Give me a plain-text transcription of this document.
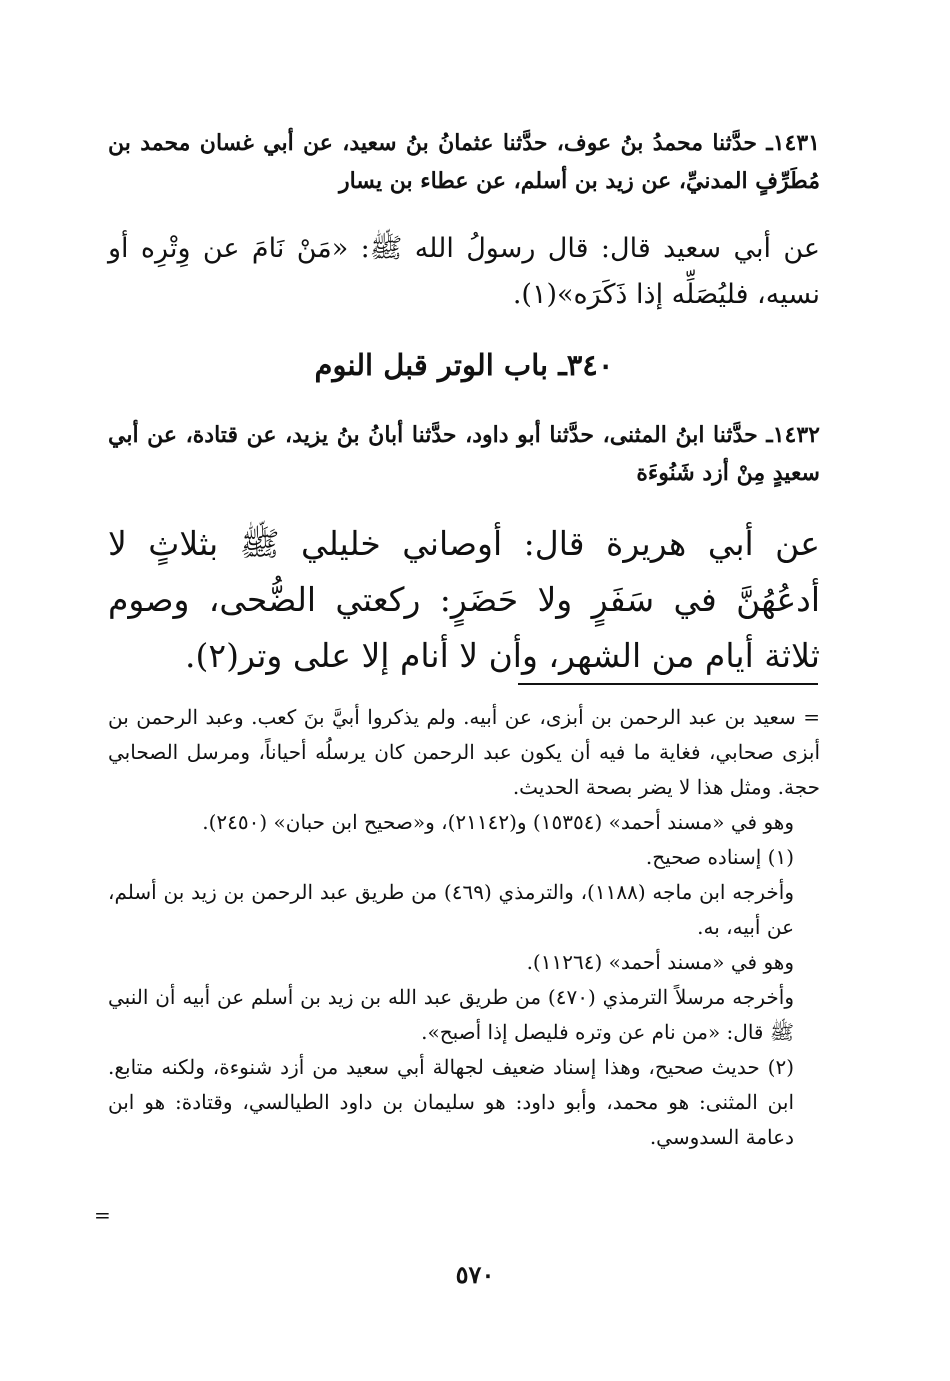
١٤٣١ـ حدَّثنا محمدُ بنُ عوف، حدَّثنا عثمانُ بنُ سعيد، عن أبي غسان محمد بن مُطَرِّفٍ المدنيِّ، عن زيد بن أسلم، عن عطاء بن يسار
عن أبي سعيد قال: قال رسولُ الله ﷺ: «مَنْ نَامَ عن وِتْرِه أو نسيه، فليُصَلِّه إذا ذَكَرَه»(١).
٣٤٠ـ باب الوتر قبل النوم
١٤٣٢ـ حدَّثنا ابنُ المثنى، حدَّثنا أبو داود، حدَّثنا أبانُ بنُ يزيد، عن قتادة، عن أبي سعيدٍ مِنْ أزد شَنُوءَة
عن أبي هريرة قال: أوصاني خليلي ﷺ بثلاثٍ لا أدعُهُنَّ في سَفَرٍ ولا حَضَرٍ: ركعتي الضُّحى، وصوم ثلاثة أيام من الشهر، وأن لا أنام إلا على وتر(٢).

= سعيد بن عبد الرحمن بن أبزى، عن أبيه. ولم يذكروا أبيَّ بنَ كعب. وعبد الرحمن بن أبزى صحابي، فغاية ما فيه أن يكون عبد الرحمن كان يرسلُه أحياناً، ومرسل الصحابي حجة. ومثل هذا لا يضر بصحة الحديث.

وهو في «مسند أحمد» (١٥٣٥٤) و(٢١١٤٢)، و«صحيح ابن حبان» (٢٤٥٠).

(١) إسناده صحيح.

وأخرجه ابن ماجه (١١٨٨)، والترمذي (٤٦٩) من طريق عبد الرحمن بن زيد بن أسلم، عن أبيه، به.

وهو في «مسند أحمد» (١١٢٦٤).

وأخرجه مرسلاً الترمذي (٤٧٠) من طريق عبد الله بن زيد بن أسلم عن أبيه أن النبي ﷺ قال: «من نام عن وتره فليصل إذا أصبح».

(٢) حديث صحيح، وهذا إسناد ضعيف لجهالة أبي سعيد من أزد شنوءة، ولكنه متابع. ابن المثنى: هو محمد، وأبو داود: هو سليمان بن داود الطيالسي، وقتادة: هو ابن دعامة السدوسي.

=
٥٧٠
